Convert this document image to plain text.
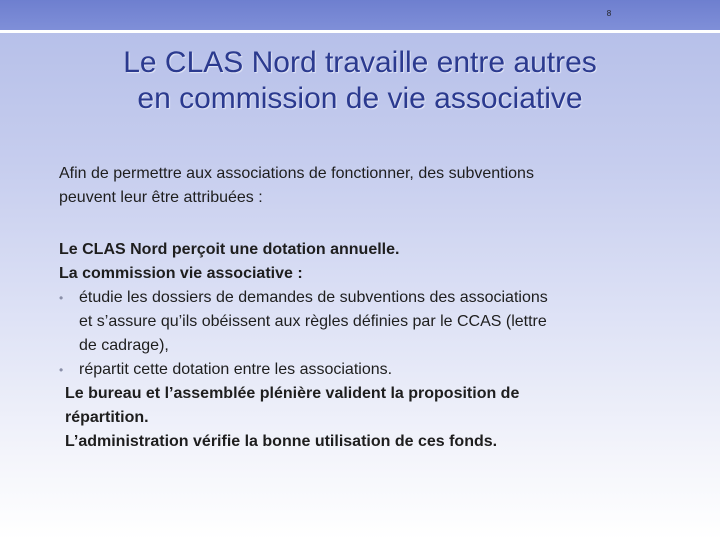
8
Le CLAS Nord travaille entre autres
en commission de vie associative
Afin de permettre aux associations de fonctionner, des subventions
peuvent leur être attribuées :
Le CLAS Nord perçoit une dotation annuelle.
La commission vie associative :
• étudie les dossiers de demandes de subventions des associations
et s’assure qu’ils obéissent aux règles définies par le CCAS (lettre
de cadrage),
• répartit cette dotation entre les associations.
Le bureau et l’assemblée plénière valident la proposition de
répartition.
L’administration vérifie la bonne utilisation de ces fonds.
